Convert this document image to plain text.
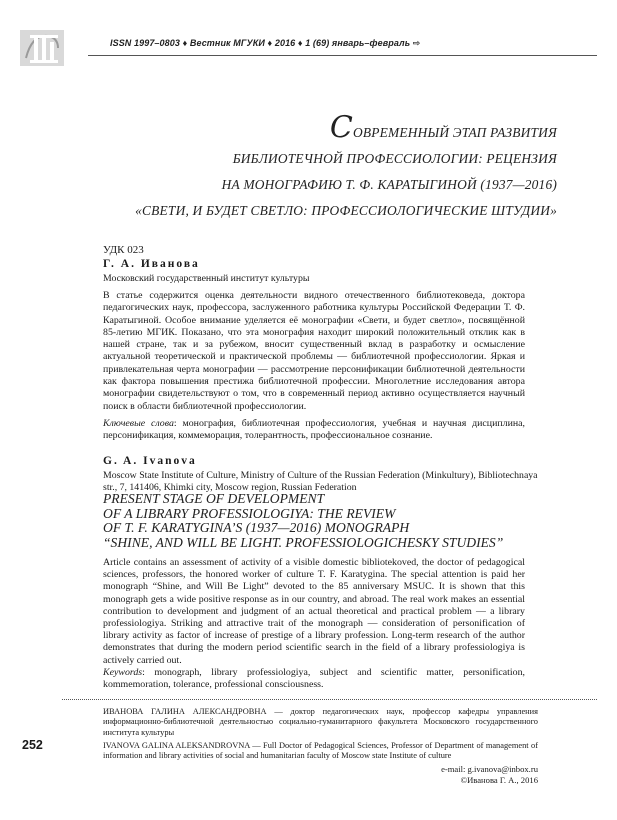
ISSN 1997–0803 ♦ Вестник МГУКИ ♦ 2016 ♦ 1 (69) январь–февраль ⇨
СОВРЕМЕННЫЙ ЭТАП РАЗВИТИЯ
БИБЛИОТЕЧНОЙ ПРОФЕССИОЛОГИИ: РЕЦЕНЗИЯ
НА МОНОГРАФИЮ Т. Ф. КАРАТЫГИНОЙ (1937—2016)
«СВЕТИ, И БУДЕТ СВЕТЛО: ПРОФЕССИОЛОГИЧЕСКИЕ ШТУДИИ»
УДК 023
Г. А. Иванова
Московский государственный институт культуры

В статье содержится оценка деятельности видного отечественного библиотековеда, доктора педагогических наук, профессора, заслуженного работника культуры Российской Федерации Т. Ф. Каратыгиной. Особое внимание уделяется её монографии «Свети, и будет светло», посвящённой 85-летию МГИК. Показано, что эта монография находит широкий положительный отклик как в нашей стране, так и за рубежом, вносит существенный вклад в разработку и осмысление актуальной теоретической и практической проблемы — библиотечной профессиологии. Яркая и привлекательная черта монографии — рассмотрение персонификации библиотечной деятельности как фактора повышения престижа библиотечной профессии. Многолетние исследования автора монографии свидетельствуют о том, что в современный период активно осуществляется научный поиск в области библиотечной профессиологии.

Ключевые слова: монография, библиотечная профессиология, учебная и научная дисциплина, персонификация, коммеморация, толерантность, профессиональное сознание.
G. A. Ivanova
Moscow State Institute of Culture, Ministry of Culture of the Russian Federation (Minkultury), Bibliotechnaya str., 7, 141406, Khimki city, Moscow region, Russian Federation
PRESENT STAGE OF DEVELOPMENT
OF A LIBRARY PROFESSIOLOGIYA: THE REVIEW
OF T. F. KARATYGINA’S (1937—2016) MONOGRAPH
“SHINE, AND WILL BE LIGHT. PROFESSIOLOGICHESKY STUDIES”

Article contains an assessment of activity of a visible domestic bibliotekoved, the doctor of pedagogical sciences, professors, the honored worker of culture T. F. Karatygina. The special attention is paid her monograph “Shine, and Will Be Light” devoted to the 85 anniversary MSUC. It is shown that this monograph gets a wide positive response as in our country, and abroad. The real work makes an essential contribution to development and judgment of an actual theoretical and practical problem — a library professiologiya. Striking and attractive trait of the monograph — consideration of personification of library activity as factor of increase of prestige of a library profession. Long-term research of the author demonstrates that during the modern period scientific search in the field of a library professiologiya is actively carried out.

Keywords: monograph, library professiologiya, subject and scientific matter, personification, kommemoration, tolerance, professional consciousness.
252
ИВАНОВА ГАЛИНА АЛЕКСАНДРОВНА — доктор педагогических наук, профессор кафедры управления информационно-библиотечной деятельностью социально-гуманитарного факультета Московского государственного института культуры
IVANOVA GALINA ALEKSANDROVNA — Full Doctor of Pedagogical Sciences, Professor of Department of management of information and library activities of social and humanitarian faculty of Moscow state Institute of culture
e-mail: g.ivanova@inbox.ru
©Иванова Г. А., 2016
